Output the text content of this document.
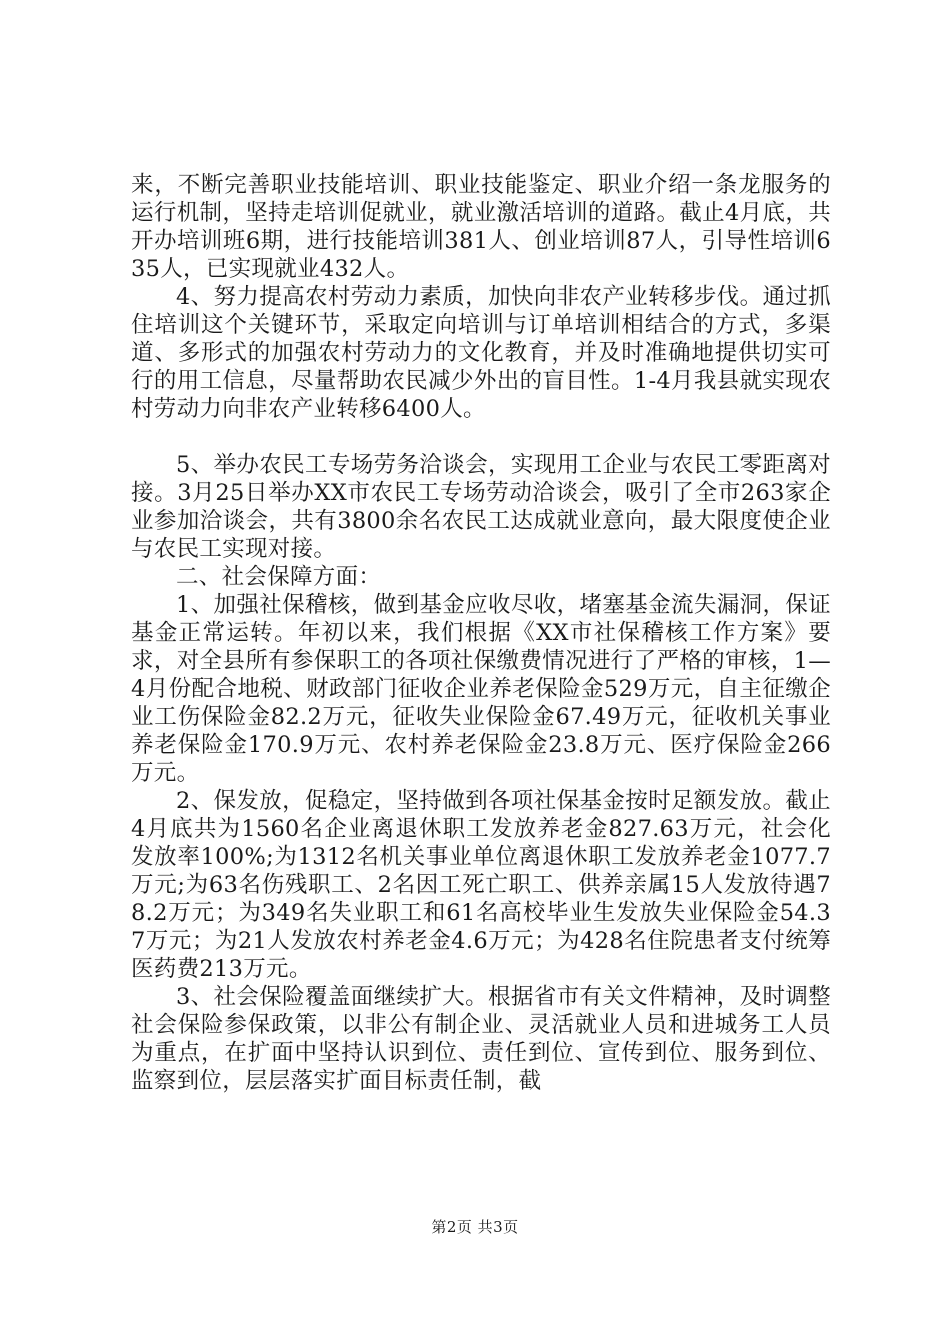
来，不断完善职业技能培训、职业技能鉴定、职业介绍一条龙服务的运行机制，坚持走培训促就业，就业激活培训的道路。截止4月底，共开办培训班6期，进行技能培训381人、创业培训87人，引导性培训635人，已实现就业432人。

4、努力提高农村劳动力素质，加快向非农产业转移步伐。通过抓住培训这个关键环节，采取定向培训与订单培训相结合的方式，多渠道、多形式的加强农村劳动力的文化教育，并及时准确地提供切实可行的用工信息，尽量帮助农民减少外出的盲目性。1-4月我县就实现农村劳动力向非农产业转移6400人。

5、举办农民工专场劳务洽谈会，实现用工企业与农民工零距离对接。3月25日举办XX市农民工专场劳动洽谈会，吸引了全市263家企业参加洽谈会，共有3800余名农民工达成就业意向，最大限度使企业与农民工实现对接。

二、社会保障方面：

1、加强社保稽核，做到基金应收尽收，堵塞基金流失漏洞，保证基金正常运转。年初以来，我们根据《XX市社保稽核工作方案》要求，对全县所有参保职工的各项社保缴费情况进行了严格的审核，1—4月份配合地税、财政部门征收企业养老保险金529万元，自主征缴企业工伤保险金82.2万元，征收失业保险金67.49万元，征收机关事业养老保险金170.9万元、农村养老保险金23.8万元、医疗保险金266万元。

2、保发放，促稳定，坚持做到各项社保基金按时足额发放。截止4月底共为1560名企业离退休职工发放养老金827.63万元，社会化发放率100%;为1312名机关事业单位离退休职工发放养老金1077.7万元;为63名伤残职工、2名因工死亡职工、供养亲属15人发放待遇78.2万元；为349名失业职工和61名高校毕业生发放失业保险金54.37万元；为21人发放农村养老金4.6万元；为428名住院患者支付统筹医药费213万元。

3、社会保险覆盖面继续扩大。根据省市有关文件精神，及时调整社会保险参保政策，以非公有制企业、灵活就业人员和进城务工人员为重点，在扩面中坚持认识到位、责任到位、宣传到位、服务到位、监察到位，层层落实扩面目标责任制，截

第2页 共3页
